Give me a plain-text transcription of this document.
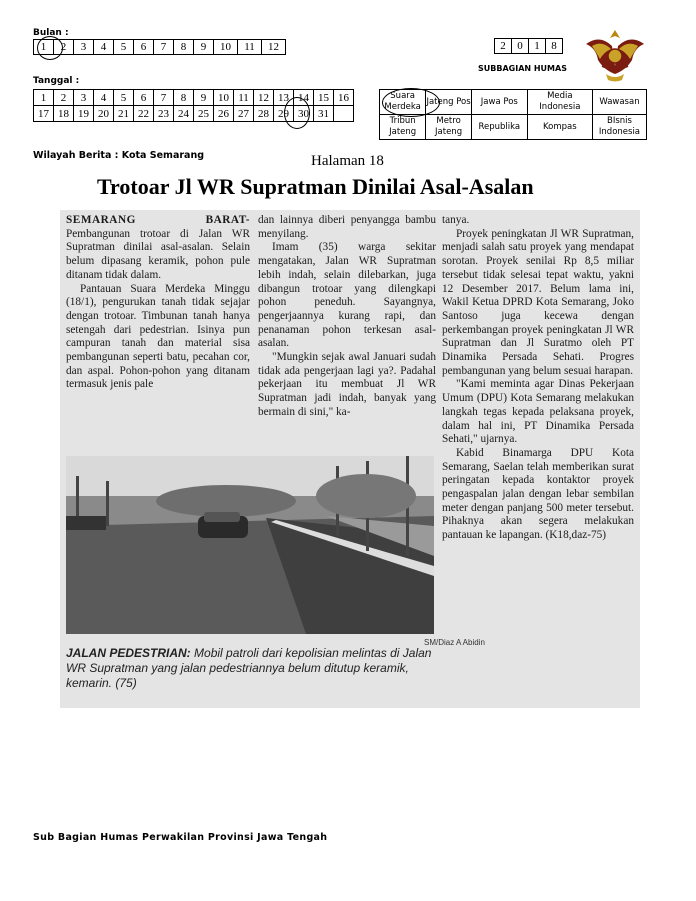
Bulan :
1	2	3	4	5	6	7	8	9	10	11	12
Tanggal :
1	2	3	4	5	6	7	8	9	10	11	12	13	14	15	16
17	18	19	20	21	22	23	24	25	26	27	28	29	30	31	
2	0	1	8
SUBBAGIAN HUMAS
Suara Merdeka	Jateng Pos	Jawa Pos	Media Indonesia	Wawasan
Tribun Jateng	Metro Jateng	Republika	Kompas	BIsnis Indonesia
Wilayah Berita : Kota Semarang	Halaman 18
Trotoar Jl WR Supratman Dinilai Asal-Asalan

SEMARANG BARAT- Pembangunan trotoar di Jalan WR Supratman dinilai asal-asalan. Selain belum dipasang keramik, pohon pule ditanam tidak dalam.

Pantauan Suara Merdeka Minggu (18/1), pengurukan tanah tidak sejajar dengan trotoar. Timbunan tanah hanya setengah dari pedestrian. Isinya pun campuran tanah dan material sisa pembangunan seperti batu, pecahan cor, dan aspal. Pohon-pohon yang ditanam termasuk jenis pale

dan lainnya diberi penyangga bambu menyilang.

Imam (35) warga sekitar mengatakan, Jalan WR Supratman lebih indah, selain dilebarkan, juga dibangun trotoar yang dilengkapi pohon peneduh. Sayangnya, pengerjaannya kurang rapi, dan penanaman pohon terkesan asal-asalan.

"Mungkin sejak awal Januari sudah tidak ada pengerjaan lagi ya?. Padahal pekerjaan itu membuat Jl WR Supratman jadi indah, banyak yang bermain di sini," ka-

tanya.

Proyek peningkatan Jl WR Supratman, menjadi salah satu proyek yang mendapat sorotan. Proyek senilai Rp 8,5 miliar tersebut tidak selesai tepat waktu, yakni 12 Desember 2017. Belum lama ini, Wakil Ketua DPRD Kota Semarang, Joko Santoso juga kecewa dengan perkembangan proyek peningkatan Jl WR Supratman dan Jl Suratmo oleh PT Dinamika Persada Sehati. Progres pembangunan yang belum sesuai harapan.

"Kami meminta agar Dinas Pekerjaan Umum (DPU) Kota Semarang melakukan langkah tegas kepada pelaksana proyek, dalam hal ini, PT Dinamika Persada Sehati," ujarnya.

Kabid Binamarga DPU Kota Semarang, Saelan telah memberikan surat peringatan kepada kontaktor proyek pengaspalan jalan dengan lebar sembilan meter dengan panjang 500 meter tersebut. Pihaknya akan segera melakukan pantauan ke lapangan. (K18,daz-75)

SM/Diaz A Abidin
JALAN PEDESTRIAN: Mobil patroli dari kepolisian melintas di Jalan WR Supratman yang jalan pedestriannya belum ditutup keramik, kemarin. (75)
Sub Bagian Humas Perwakilan Provinsi Jawa Tengah
